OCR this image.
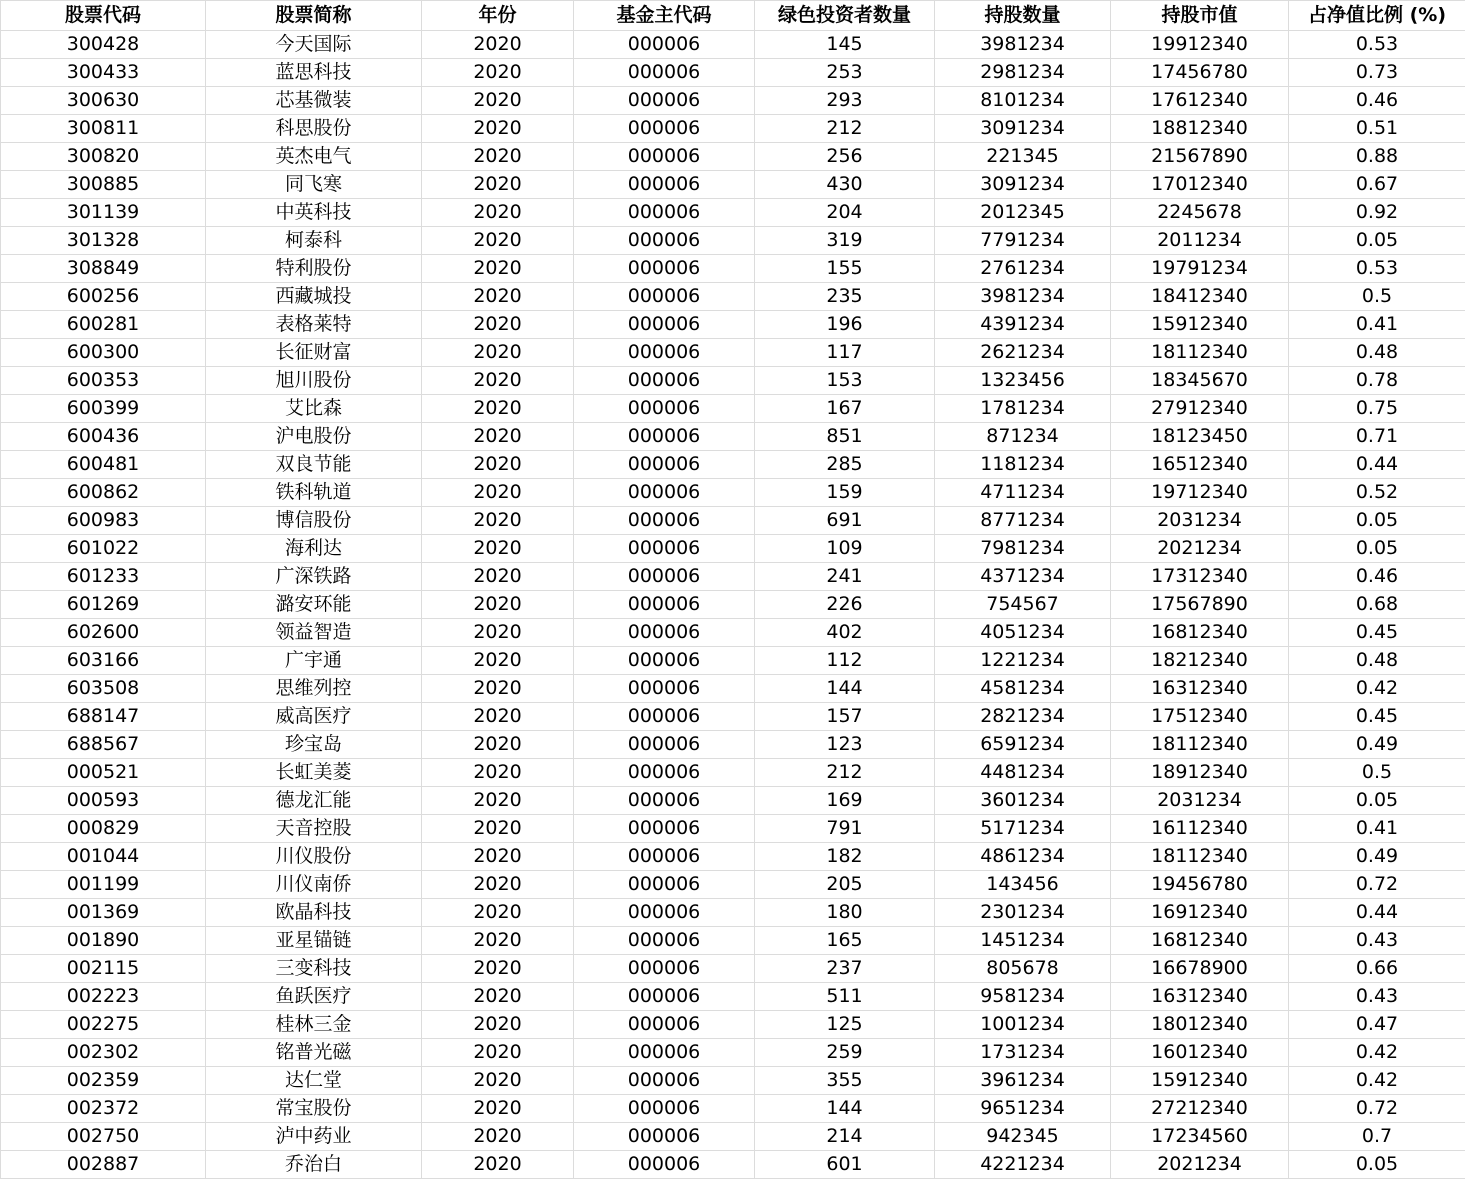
股票代码	股票简称	年份	基金主代码	绿色投资者数量	持股数量	持股市值	占净值比例 (%)
300428	今天国际	2020	000006	145	3981234	19912340	0.53
300433	蓝思科技	2020	000006	253	2981234	17456780	0.73
300630	芯基微装	2020	000006	293	8101234	17612340	0.46
300811	科思股份	2020	000006	212	3091234	18812340	0.51
300820	英杰电气	2020	000006	256	221345	21567890	0.88
300885	同飞寒	2020	000006	430	3091234	17012340	0.67
301139	中英科技	2020	000006	204	2012345	2245678	0.92
301328	柯泰科	2020	000006	319	7791234	2011234	0.05
308849	特利股份	2020	000006	155	2761234	19791234	0.53
600256	西藏城投	2020	000006	235	3981234	18412340	0.5
600281	表格莱特	2020	000006	196	4391234	15912340	0.41
600300	长征财富	2020	000006	117	2621234	18112340	0.48
600353	旭川股份	2020	000006	153	1323456	18345670	0.78
600399	艾比森	2020	000006	167	1781234	27912340	0.75
600436	沪电股份	2020	000006	851	871234	18123450	0.71
600481	双良节能	2020	000006	285	1181234	16512340	0.44
600862	铁科轨道	2020	000006	159	4711234	19712340	0.52
600983	博信股份	2020	000006	691	8771234	2031234	0.05
601022	海利达	2020	000006	109	7981234	2021234	0.05
601233	广深铁路	2020	000006	241	4371234	17312340	0.46
601269	潞安环能	2020	000006	226	754567	17567890	0.68
602600	领益智造	2020	000006	402	4051234	16812340	0.45
603166	广宇通	2020	000006	112	1221234	18212340	0.48
603508	思维列控	2020	000006	144	4581234	16312340	0.42
688147	威高医疗	2020	000006	157	2821234	17512340	0.45
688567	珍宝岛	2020	000006	123	6591234	18112340	0.49
000521	长虹美菱	2020	000006	212	4481234	18912340	0.5
000593	德龙汇能	2020	000006	169	3601234	2031234	0.05
000829	天音控股	2020	000006	791	5171234	16112340	0.41
001044	川仪股份	2020	000006	182	4861234	18112340	0.49
001199	川仪南侨	2020	000006	205	143456	19456780	0.72
001369	欧晶科技	2020	000006	180	2301234	16912340	0.44
001890	亚星锚链	2020	000006	165	1451234	16812340	0.43
002115	三变科技	2020	000006	237	805678	16678900	0.66
002223	鱼跃医疗	2020	000006	511	9581234	16312340	0.43
002275	桂林三金	2020	000006	125	1001234	18012340	0.47
002302	铭普光磁	2020	000006	259	1731234	16012340	0.42
002359	达仁堂	2020	000006	355	3961234	15912340	0.42
002372	常宝股份	2020	000006	144	9651234	27212340	0.72
002750	泸中药业	2020	000006	214	942345	17234560	0.7
002887	乔治白	2020	000006	601	4221234	2021234	0.05
